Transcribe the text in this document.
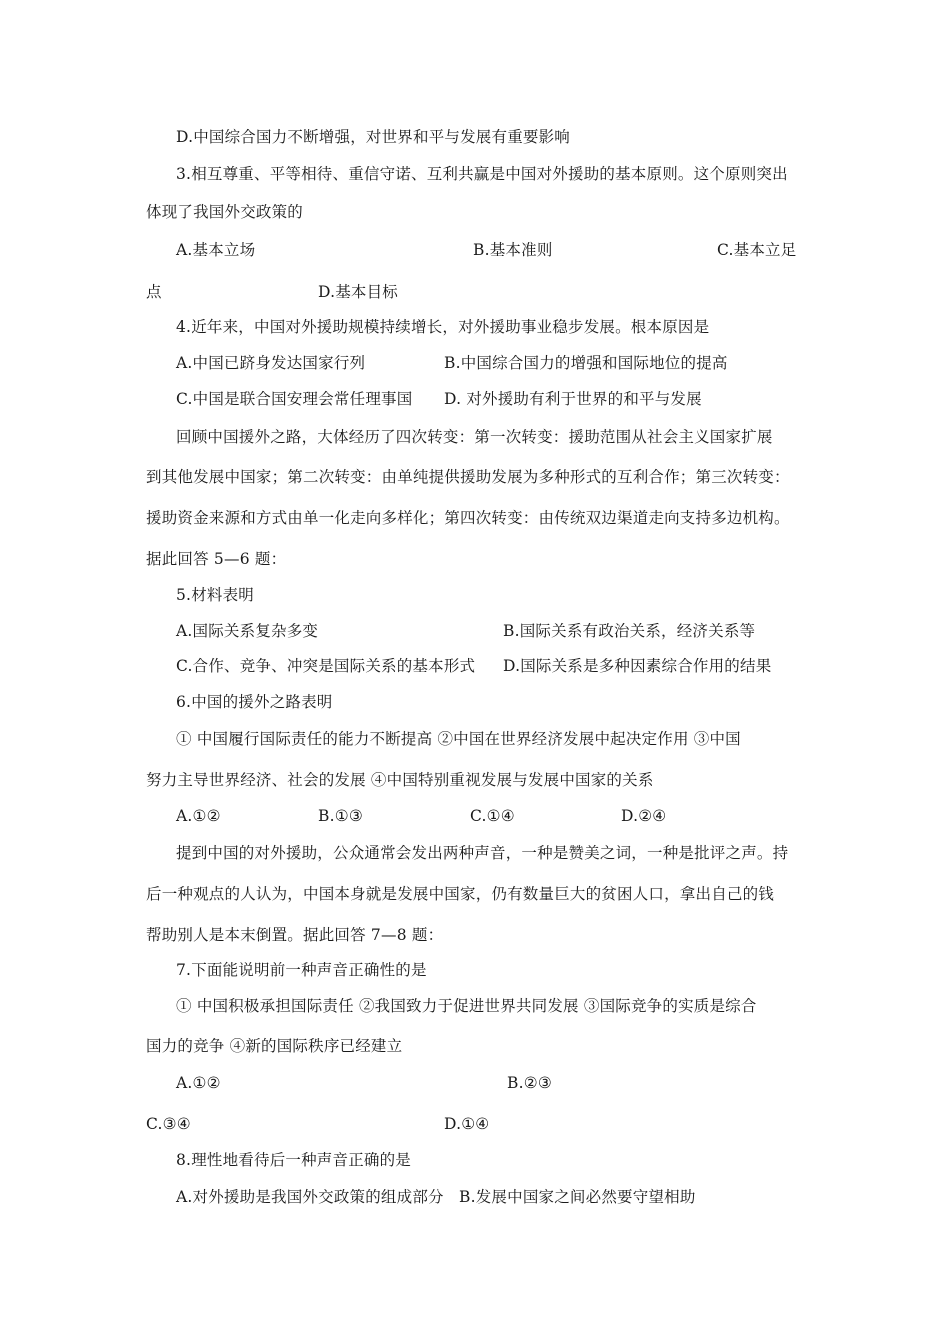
D.中国综合国力不断增强，对世界和平与发展有重要影响
3.相互尊重、平等相待、重信守诺、互利共赢是中国对外援助的基本原则。这个原则突出
体现了我国外交政策的
A.基本立场	B.基本准则	C.基本立足
点	D.基本目标
4.近年来，中国对外援助规模持续增长，对外援助事业稳步发展。根本原因是
A.中国已跻身发达国家行列	B.中国综合国力的增强和国际地位的提高
C.中国是联合国安理会常任理事国 D. 对外援助有利于世界的和平与发展
回顾中国援外之路，大体经历了四次转变：第一次转变：援助范围从社会主义国家扩展
到其他发展中国家；第二次转变：由单纯提供援助发展为多种形式的互利合作；第三次转变：
援助资金来源和方式由单一化走向多样化；第四次转变：由传统双边渠道走向支持多边机构。
据此回答 5—6 题：
5.材料表明
A.国际关系复杂多变	B.国际关系有政治关系，经济关系等
C.合作、竞争、冲突是国际关系的基本形式 D.国际关系是多种因素综合作用的结果
6.中国的援外之路表明
① 中国履行国际责任的能力不断提高 ②中国在世界经济发展中起决定作用 ③中国
努力主导世界经济、社会的发展 ④中国特别重视发展与发展中国家的关系
A.①②	B.①③	C.①④	D.②④
提到中国的对外援助，公众通常会发出两种声音，一种是赞美之词，一种是批评之声。持
后一种观点的人认为，中国本身就是发展中国家，仍有数量巨大的贫困人口，拿出自己的钱
帮助别人是本末倒置。据此回答 7—8 题：
7.下面能说明前一种声音正确性的是
① 中国积极承担国际责任 ②我国致力于促进世界共同发展 ③国际竞争的实质是综合
国力的竞争 ④新的国际秩序已经建立
A.①②	B.②③
C.③④	D.①④
8.理性地看待后一种声音正确的是
A.对外援助是我国外交政策的组成部分 B.发展中国家之间必然要守望相助
